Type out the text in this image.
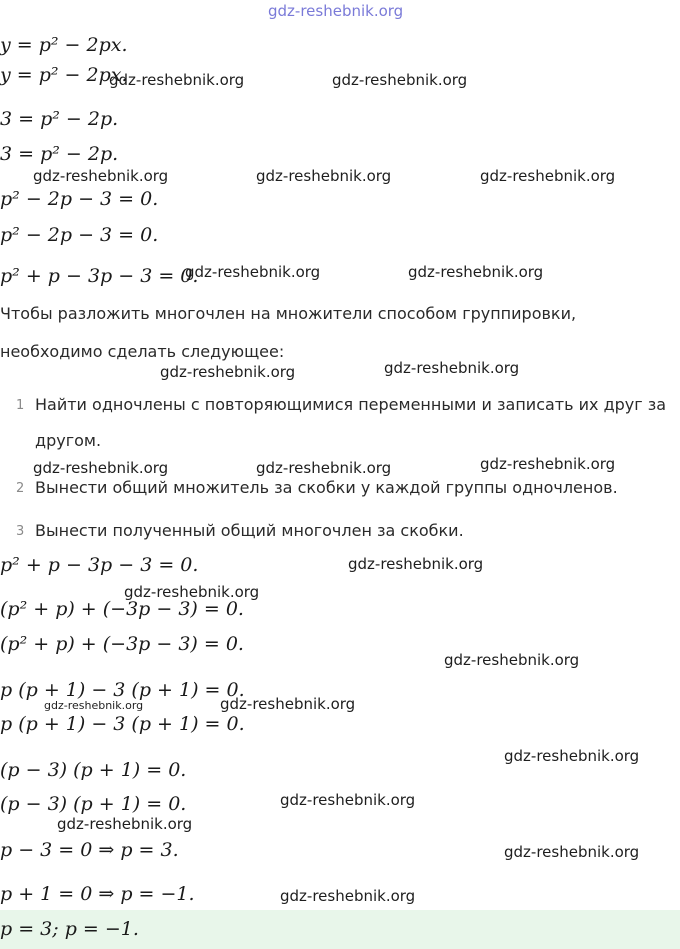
gdz-reshebnik.org
y = p² − 2px.
y = p² − 2px.
3 = p² − 2p.
3 = p² − 2p.
p² − 2p − 3 = 0.
p² − 2p − 3 = 0.
p² + p − 3p − 3 = 0.
Чтобы разложить многочлен на множители способом группировки,
необходимо сделать следующее:
1 Найти одночлены с повторяющимися переменными и записать их друг за
другом.
2 Вынести общий множитель за скобки у каждой группы одночленов.
3 Вынести полученный общий многочлен за скобки.
p² + p − 3p − 3 = 0.
(p² + p) + (−3p − 3) = 0.
(p² + p) + (−3p − 3) = 0.
p (p + 1) − 3 (p + 1) = 0.
p (p + 1) − 3 (p + 1) = 0.
(p − 3) (p + 1) = 0.
(p − 3) (p + 1) = 0.
p − 3 = 0 ⇒ p = 3.
p + 1 = 0 ⇒ p = −1.
p = 3; p = −1.
gdz-reshebnik.org	gdz-reshebnik.org
gdz-reshebnik.org	gdz-reshebnik.org	gdz-reshebnik.org
gdz-reshebnik.org	gdz-reshebnik.org
gdz-reshebnik.org	gdz-reshebnik.org
gdz-reshebnik.org	gdz-reshebnik.org	gdz-reshebnik.org
gdz-reshebnik.org
gdz-reshebnik.org
gdz-reshebnik.org
gdz-reshebnik.org	gdz-reshebnik.org
gdz-reshebnik.org
gdz-reshebnik.org
gdz-reshebnik.org
gdz-reshebnik.org
gdz-reshebnik.org
